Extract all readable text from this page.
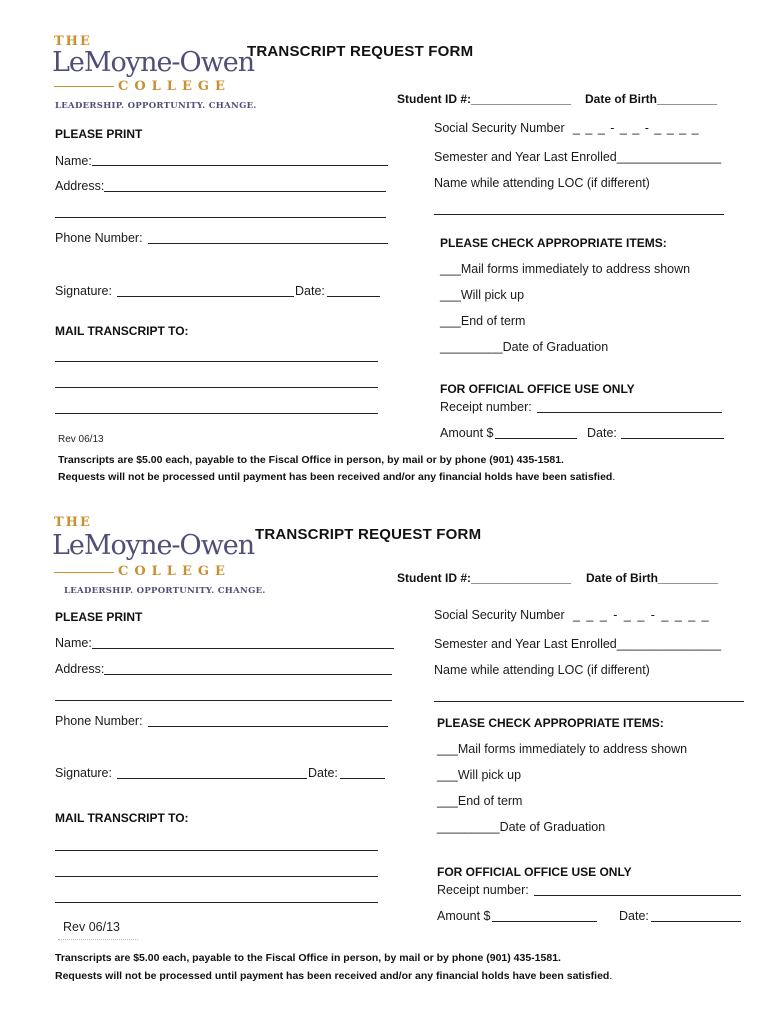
THE
LeMoyne-Owen
COLLEGE
LEADERSHIP. OPPORTUNITY. CHANGE.
TRANSCRIPT REQUEST FORM
Student ID #:_______________ Date of Birth_________
PLEASE PRINT	Social Security Number _ _ _ - _ _ - _ _ _ _
Name:	Semester and Year Last Enrolled_______________
Address:	Name while attending LOC (if different)
Phone Number:	PLEASE CHECK APPROPRIATE ITEMS:
___Mail forms immediately to address shown
Signature:	Date:	___Will pick up
___End of term
MAIL TRANSCRIPT TO:
_________Date of Graduation
FOR OFFICIAL OFFICE USE ONLY
Receipt number:
Amount $	Date:
Rev 06/13
Transcripts are $5.00 each, payable to the Fiscal Office in person, by mail or by phone (901) 435-1581.
Requests will not be processed until payment has been received and/or any financial holds have been satisfied.
THE
LeMoyne-Owen
COLLEGE
LEADERSHIP. OPPORTUNITY. CHANGE.
TRANSCRIPT REQUEST FORM
Student ID #:_______________ Date of Birth_________
PLEASE PRINT	Social Security Number _ _ _ - _ _ - _ _ _ _
Name:	Semester and Year Last Enrolled_______________
Address:	Name while attending LOC (if different)
Phone Number:	PLEASE CHECK APPROPRIATE ITEMS:
___Mail forms immediately to address shown
Signature:	Date:	___Will pick up
___End of term
MAIL TRANSCRIPT TO:
_________Date of Graduation
FOR OFFICIAL OFFICE USE ONLY
Receipt number:
Rev 06/13
Amount $	Date:
Transcripts are $5.00 each, payable to the Fiscal Office in person, by mail or by phone (901) 435-1581.
Requests will not be processed until payment has been received and/or any financial holds have been satisfied.
